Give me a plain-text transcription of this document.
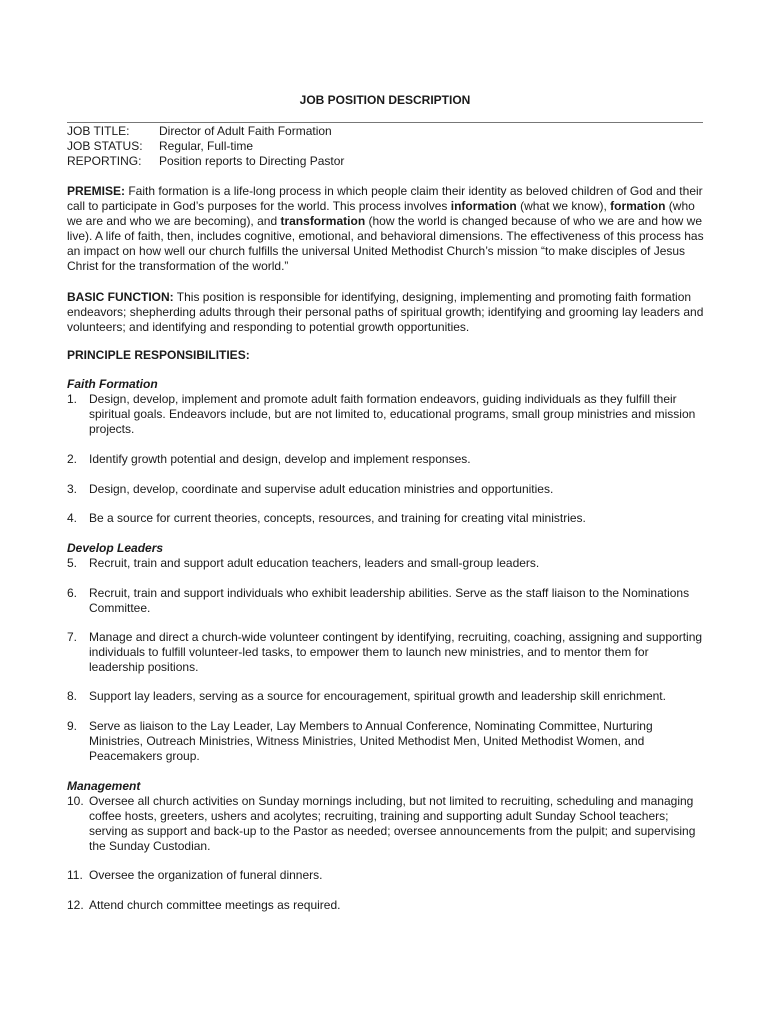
JOB POSITION DESCRIPTION
JOB TITLE:	Director of Adult Faith Formation
JOB STATUS:	Regular, Full-time
REPORTING:	Position reports to Directing Pastor
PREMISE: Faith formation is a life-long process in which people claim their identity as beloved children of God and their call to participate in God’s purposes for the world. This process involves information (what we know), formation (who we are and who we are becoming), and transformation (how the world is changed because of who we are and how we live). A life of faith, then, includes cognitive, emotional, and behavioral dimensions. The effectiveness of this process has an impact on how well our church fulfills the universal United Methodist Church’s mission “to make disciples of Jesus Christ for the transformation of the world.”
BASIC FUNCTION: This position is responsible for identifying, designing, implementing and promoting faith formation endeavors; shepherding adults through their personal paths of spiritual growth; identifying and grooming lay leaders and volunteers; and identifying and responding to potential growth opportunities.
PRINCIPLE RESPONSIBILITIES:
Faith Formation
1. Design, develop, implement and promote adult faith formation endeavors, guiding individuals as they fulfill their spiritual goals. Endeavors include, but are not limited to, educational programs, small group ministries and mission projects.
2. Identify growth potential and design, develop and implement responses.
3. Design, develop, coordinate and supervise adult education ministries and opportunities.
4. Be a source for current theories, concepts, resources, and training for creating vital ministries.
Develop Leaders
5. Recruit, train and support adult education teachers, leaders and small-group leaders.
6. Recruit, train and support individuals who exhibit leadership abilities. Serve as the staff liaison to the Nominations Committee.
7. Manage and direct a church-wide volunteer contingent by identifying, recruiting, coaching, assigning and supporting individuals to fulfill volunteer-led tasks, to empower them to launch new ministries, and to mentor them for leadership positions.
8. Support lay leaders, serving as a source for encouragement, spiritual growth and leadership skill enrichment.
9. Serve as liaison to the Lay Leader, Lay Members to Annual Conference, Nominating Committee, Nurturing Ministries, Outreach Ministries, Witness Ministries, United Methodist Men, United Methodist Women, and Peacemakers group.
Management
10. Oversee all church activities on Sunday mornings including, but not limited to recruiting, scheduling and managing coffee hosts, greeters, ushers and acolytes; recruiting, training and supporting adult Sunday School teachers; serving as support and back-up to the Pastor as needed; oversee announcements from the pulpit; and supervising the Sunday Custodian.
11. Oversee the organization of funeral dinners.
12. Attend church committee meetings as required.
